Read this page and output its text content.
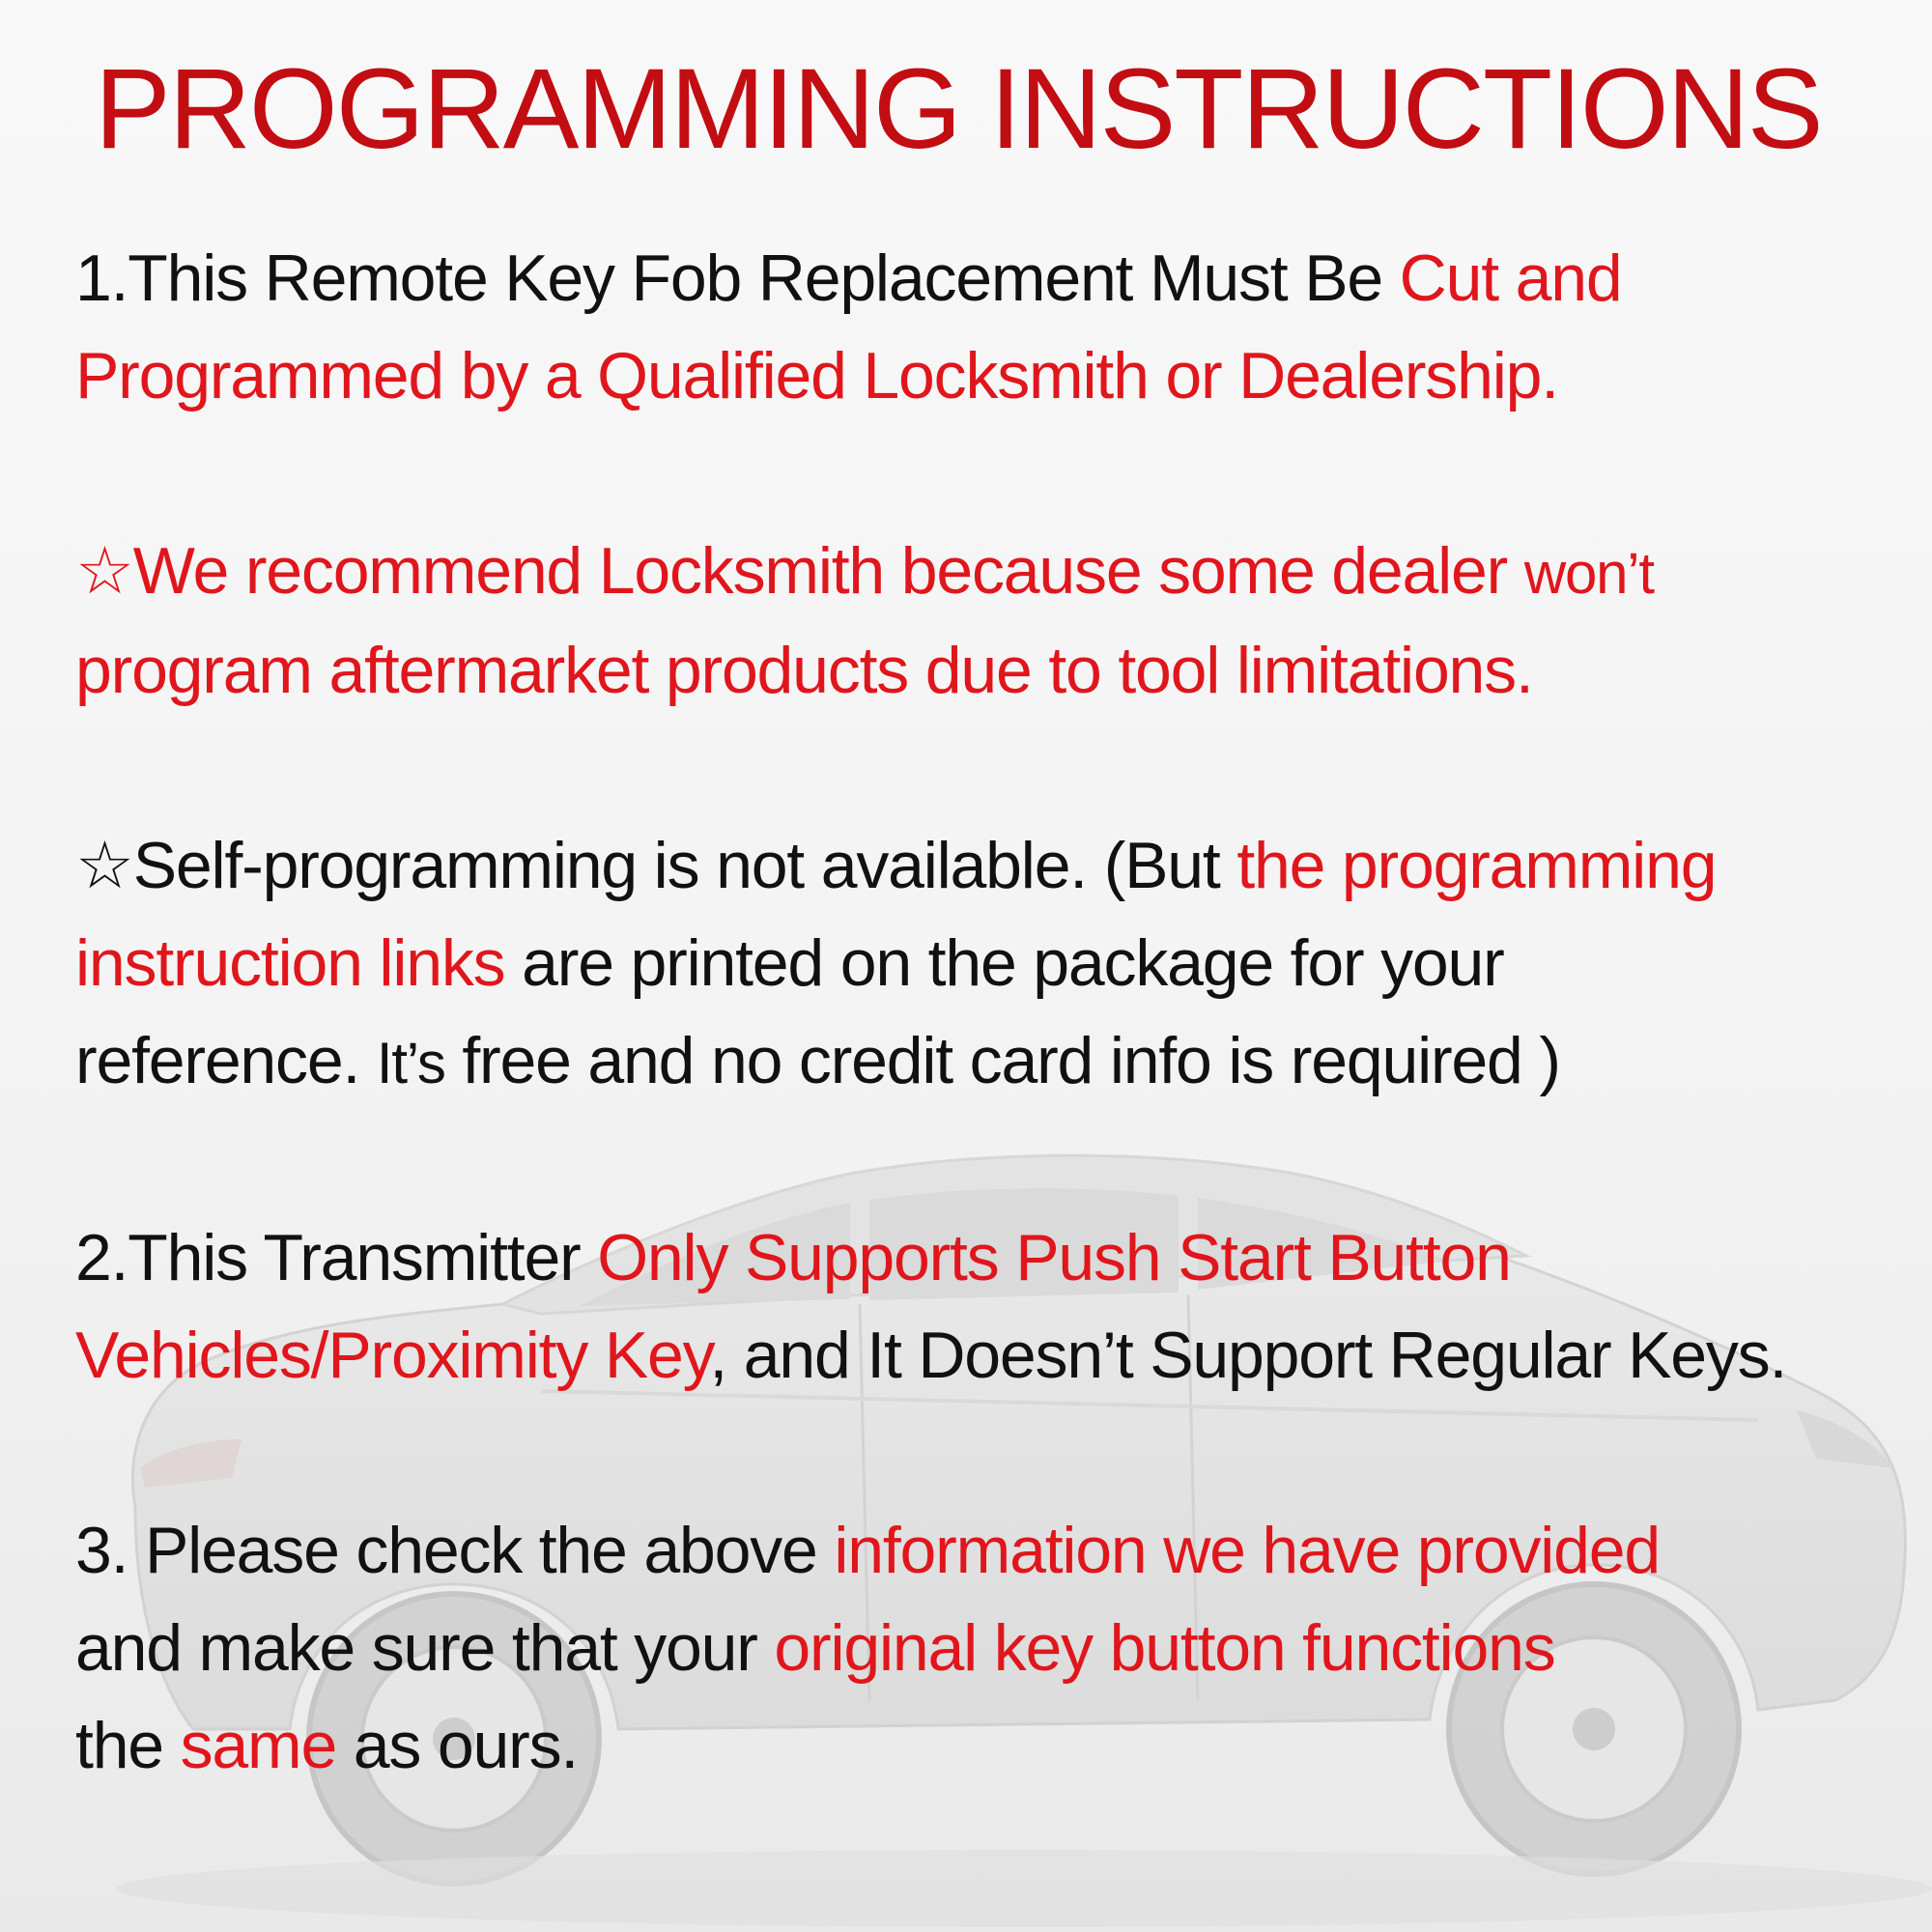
PROGRAMMING INSTRUCTIONS

1.This Remote Key Fob Replacement Must Be Cut and
Programmed by a Qualified Locksmith or Dealership.

☆We recommend Locksmith because some dealer won’t
program aftermarket products due to tool limitations.

☆Self-programming is not available. (But the programming
instruction links are printed on the package for your
reference. It’s free and no credit card info is required )

2.This Transmitter Only Supports Push Start Button
Vehicles/Proximity Key, and It Doesn’t Support Regular Keys.

3. Please check the above information we have provided
and make sure that your original key button functions
the same as ours.
